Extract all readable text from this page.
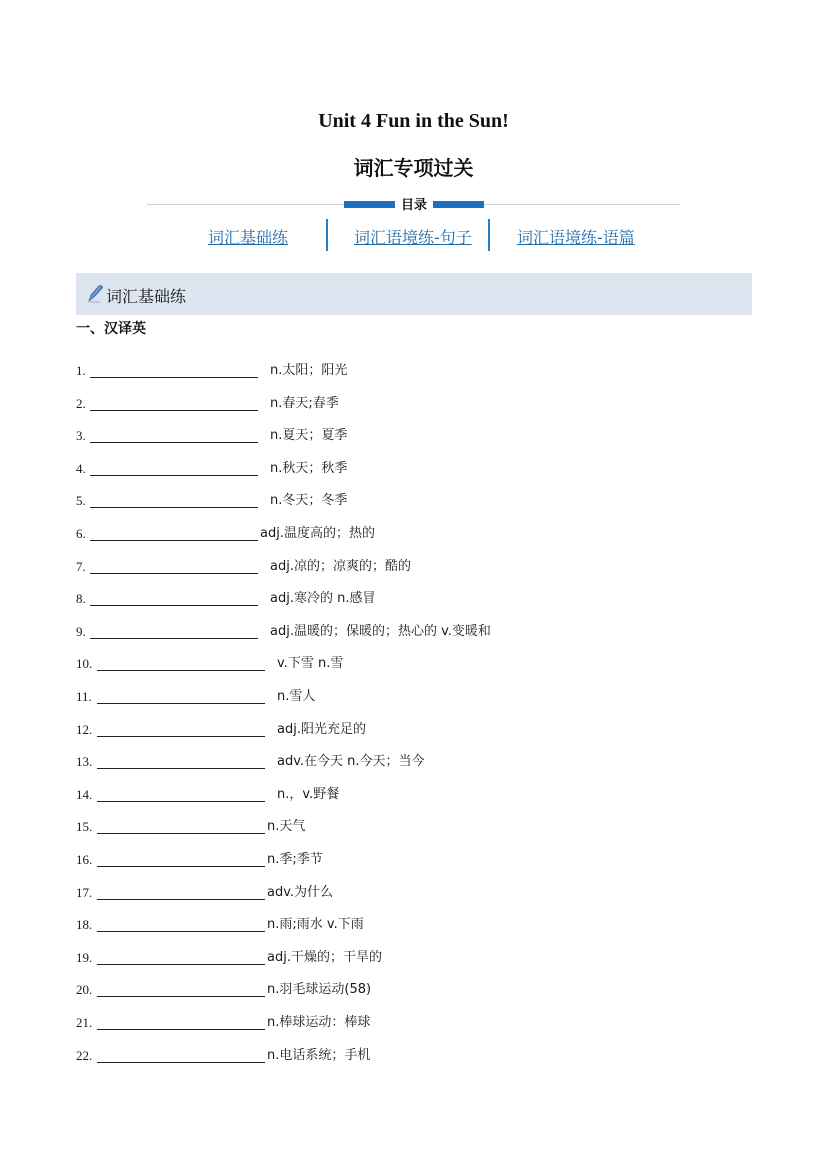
Unit 4 Fun in the Sun!
词汇专项过关
目录
词汇基础练	词汇语境练-句子	词汇语境练-语篇
词汇基础练
一、汉译英
1.	n.太阳；阳光
2.	n.春天;春季
3.	n.夏天；夏季
4.	n.秋天；秋季
5.	n.冬天；冬季
6.	adj.温度高的；热的
7.	adj.凉的；凉爽的；酷的
8.	adj.寒冷的 n.感冒
9.	adj.温暖的；保暖的；热心的 v.变暖和
10.	v.下雪 n.雪
11.	n.雪人
12.	adj.阳光充足的
13.	adv.在今天 n.今天；当今
14.	n.，v.野餐
15.	n.天气
16.	n.季;季节
17.	adv.为什么
18.	n.雨;雨水 v.下雨
19.	adj.干燥的；干旱的
20.	n.羽毛球运动(58)
21.	n.棒球运动：棒球
22.	n.电话系统；手机
